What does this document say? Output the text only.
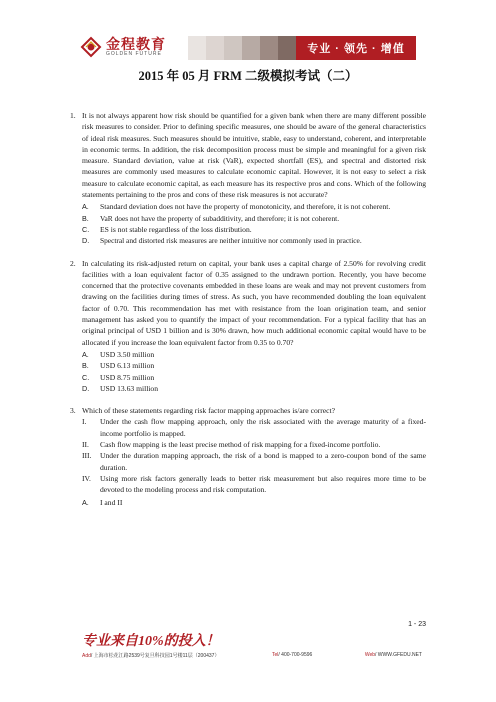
金程教育
GOLDEN FUTURE	专业 · 领先 · 增值
2015 年 05 月 FRM 二级模拟考试（二）
1. It is not always apparent how risk should be quantified for a given bank when there are many different possible risk measures to consider. Prior to defining specific measures, one should be aware of the general characteristics of ideal risk measures. Such measures should be intuitive, stable, easy to understand, coherent, and interpretable in economic terms. In addition, the risk decomposition process must be simple and meaningful for a given risk measure. Standard deviation, value at risk (VaR), expected shortfall (ES), and spectral and distorted risk measures are commonly used measures to calculate economic capital. However, it is not easy to select a risk measure to calculate economic capital, as each measure has its respective pros and cons. Which of the following statements pertaining to the pros and cons of these risk measures is not accurate?

A. Standard deviation does not have the property of monotonicity, and therefore, it is not coherent.
B. VaR does not have the property of subadditivity, and therefore; it is not coherent.
C. ES is not stable regardless of the loss distribution.
D. Spectral and distorted risk measures are neither intuitive nor commonly used in practice.
2. In calculating its risk-adjusted return on capital, your bank uses a capital charge of 2.50% for revolving credit facilities with a loan equivalent factor of 0.35 assigned to the undrawn portion. Recently, you have become concerned that the protective covenants embedded in these loans are weak and may not prevent customers from drawing on the facilities during times of stress. As such, you have recommended doubling the loan equivalent factor of 0.70. This recommendation has met with resistance from the loan origination team, and senior management has asked you to quantify the impact of your recommendation. For a typical facility that has an original principal of USD 1 billion and is 30% drawn, how much additional economic capital would have to be allocated if you increase the loan equivalent factor from 0.35 to 0.70?

A. USD 3.50 million
B. USD 6.13 million
C. USD 8.75 million
D. USD 13.63 million
3. Which of these statements regarding risk factor mapping approaches is/are correct?

I. Under the cash flow mapping approach, only the risk associated with the average maturity of a fixed-income portfolio is mapped.
II. Cash flow mapping is the least precise method of risk mapping for a fixed-income portfolio.
III. Under the duration mapping approach, the risk of a bond is mapped to a zero-coupon bond of the same duration.
IV. Using more risk factors generally leads to better risk measurement but also requires more time to be devoted to the modeling process and risk computation.
A. I and II
1 - 23
专业来自10%的投入！
Add/ 上海市松花江路2539号复旦科技园1号楼11层（200437）	Tel/ 400-700-9596	Web/ WWW.GFEDU.NET
